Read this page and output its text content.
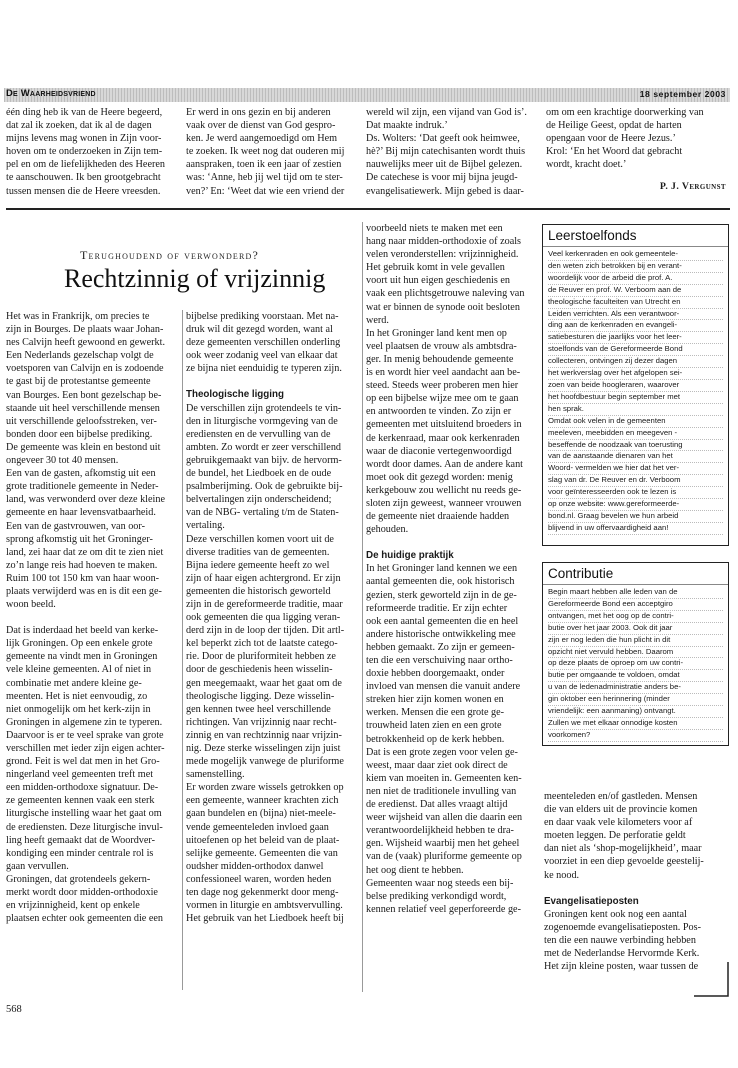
De Waarheidsvriend	18 september 2003

één ding heb ik van de Heere begeerd,

dat zal ik zoeken, dat ik al de dagen

mijns levens mag wonen in Zijn voor-

hoven om te onderzoeken in Zijn tem-

pel en om de liefelijkheden des Heeren

te aanschouwen. Ik ben grootgebracht

tussen mensen die de Heere vreesden.

Er werd in ons gezin en bij anderen

vaak over de dienst van God gespro-

ken. Je werd aangemoedigd om Hem

te zoeken. Ik weet nog dat ouderen mij

aanspraken, toen ik een jaar of zestien

was: ‘Anne, heb jij wel tijd om te ster-

ven?’ En: ‘Weet dat wie een vriend der

wereld wil zijn, een vijand van God is’.

Dat maakte indruk.’

Ds. Wolters: ‘Dat geeft ook heimwee,

hè?’ Bij mijn catechisanten wordt thuis

nauwelijks meer uit de Bijbel gelezen.

De catechese is voor mij bijna jeugd-

evangelisatiewerk. Mijn gebed is daar-

om om een krachtige doorwerking van

de Heilige Geest, opdat de harten

opengaan voor de Heere Jezus.’

Krol: ‘En het Woord dat gebracht

wordt, kracht doet.’

P. J. Vergunst
Terughoudend of verwonderd?
Rechtzinnig of vrijzinnig

Het was in Frankrijk, om precies te

zijn in Bourges. De plaats waar Johan-

nes Calvijn heeft gewoond en gewerkt.

Een Nederlands gezelschap volgt de

voetsporen van Calvijn en is zodoende

te gast bij de protestantse gemeente

van Bourges. Een bont gezelschap be-

staande uit heel verschillende mensen

uit verschillende geloofsstreken, ver-

bonden door een bijbelse prediking.

De gemeente was klein en bestond uit

ongeveer 30 tot 40 mensen.

Een van de gasten, afkomstig uit een

grote traditionele gemeente in Neder-

land, was verwonderd over deze kleine

gemeente en haar levensvatbaarheid.

Een van de gastvrouwen, van oor-

sprong afkomstig uit het Groninger-

land, zei haar dat ze om dit te zien niet

zo’n lange reis had hoeven te maken.

Ruim 100 tot 150 km van haar woon-

plaats verwijderd was en is dit een ge-

woon beeld.

Dat is inderdaad het beeld van kerke-

lijk Groningen. Op een enkele grote

gemeente na vindt men in Groningen

vele kleine gemeenten. Al of niet in

combinatie met andere kleine ge-

meenten. Het is niet eenvoudig, zo

niet onmogelijk om het kerk-zijn in

Groningen in algemene zin te typeren.

Daarvoor is er te veel sprake van grote

verschillen met ieder zijn eigen achter-

grond. Feit is wel dat men in het Gro-

ningerland veel gemeenten treft met

een midden-orthodoxe signatuur. De-

ze gemeenten kennen vaak een sterk

liturgische instelling waar het gaat om

de erediensten. Deze liturgische invul-

ling heeft gemaakt dat de Woordver-

kondiging een minder centrale rol is

gaan vervullen.

Groningen, dat grotendeels gekern-

merkt wordt door midden-orthodoxie

en vrijzinnigheid, kent op enkele

plaatsen echter ook gemeenten die een

bijbelse prediking voorstaan. Met na-

druk wil dit gezegd worden, want al

deze gemeenten verschillen onderling

ook weer zodanig veel van elkaar dat

ze bijna niet eenduidig te typeren zijn.

Theologische ligging

De verschillen zijn grotendeels te vin-

den in liturgische vormgeving van de

erediensten en de vervulling van de

ambten. Zo wordt er zeer verschillend

gebruikgemaakt van bijv. de hervorm-

de bundel, het Liedboek en de oude

psalmberijming. Ook de gebruikte bij-

belvertalingen zijn onderscheidend;

van de NBG- vertaling t/m de Staten-

vertaling.

Deze verschillen komen voort uit de

diverse tradities van de gemeenten.

Bijna iedere gemeente heeft zo wel

zijn of haar eigen achtergrond. Er zijn

gemeenten die historisch geworteld

zijn in de gereformeerde traditie, maar

ook gemeenten die qua ligging veran-

derd zijn in de loop der tijden. Dit artl-

kel beperkt zich tot de laatste catego-

rie. Door de pluriformiteit hebben ze

door de geschiedenis heen wisselin-

gen meegemaakt, waar het gaat om de

theologische ligging. Deze wisselin-

gen kennen twee heel verschillende

richtingen. Van vrijzinnig naar recht-

zinnig en van rechtzinnig naar vrijzin-

nig. Deze sterke wisselingen zijn juist

mede mogelijk vanwege de pluriforme

samenstelling.

Er worden zware wissels getrokken op

een gemeente, wanneer krachten zich

gaan bundelen en (bijna) niet-meele-

vende gemeenteleden invloed gaan

uitoefenen op het beleid van de plaat-

selijke gemeente. Gemeenten die van

oudsher midden-orthodox danwel

confessioneel waren, worden heden

ten dage nog gekenmerkt door meng-

vormen in liturgie en ambtsvervulling.

Het gebruik van het Liedboek heeft bij

voorbeeld niets te maken met een

hang naar midden-orthodoxie of zoals

velen veronderstellen: vrijzinnigheid.

Het gebruik komt in vele gevallen

voort uit hun eigen geschiedenis en

vaak een plichtsgetrouwe naleving van

wat er binnen de synode ooit besloten

werd.

In het Groninger land kent men op

veel plaatsen de vrouw als ambtsdra-

ger. In menig behoudende gemeente

is en wordt hier veel aandacht aan be-

steed. Steeds weer proberen men hier

op een bijbelse wijze mee om te gaan

en antwoorden te vinden. Zo zijn er

gemeenten met uitsluitend broeders in

de kerkenraad, maar ook kerkenraden

waar de diaconie vertegenwoordigd

wordt door dames. Aan de andere kant

moet ook dit gezegd worden: menig

kerkgebouw zou wellicht nu reeds ge-

sloten zijn geweest, wanneer vrouwen

de gemeente niet draaiende hadden

gehouden.

De huidige praktijk

In het Groninger land kennen we een

aantal gemeenten die, ook historisch

gezien, sterk geworteld zijn in de ge-

reformeerde traditie. Er zijn echter

ook een aantal gemeenten die en heel

andere historische ontwikkeling mee

hebben gemaakt. Zo zijn er gemeen-

ten die een verschuiving naar ortho-

doxie hebben doorgemaakt, onder

invloed van mensen die vanuit andere

streken hier zijn komen wonen en

werken. Mensen die een grote ge-

trouwheid laten zien en een grote

betrokkenheid op de kerk hebben.

Dat is een grote zegen voor velen ge-

weest, maar daar ziet ook direct de

kiem van moeiten in. Gemeenten ken-

nen niet de traditionele invulling van

de eredienst. Dat alles vraagt altijd

weer wijsheid van allen die daarin een

verantwoordelijkheid hebben te dra-

gen. Wijsheid waarbij men het geheel

van de (vaak) pluriforme gemeente op

het oog dient te hebben.

Gemeenten waar nog steeds een bij-

belse prediking verkondigd wordt,

kennen relatief veel geperforeerde ge-

meenteleden en/of gastleden. Mensen

die van elders uit de provincie komen

en daar vaak vele kilometers voor af

moeten leggen. De perforatie geldt

dan niet als ‘shop-mogelijkheid’, maar

voorziet in een diep gevoelde geestelij-

ke nood.

Evangelisatieposten

Groningen kent ook nog een aantal

zogenoemde evangelisatieposten. Pos-

ten die een nauwe verbinding hebben

met de Nederlandse Hervormde Kerk.

Het zijn kleine posten, waar tussen de

Leerstoelfonds

Veel kerkenraden en ook gemeentele-

den weten zich betrokken bij en verant-

woordelijk voor de arbeid die prof. A.

de Reuver en prof. W. Verboom aan de

theologische faculteiten van Utrecht en

Leiden verrichten. Als een verantwoor-

ding aan de kerkenraden en evangeli-

satiebesturen die jaarlijks voor het leer-

stoelfonds van de Gereformeerde Bond

collecteren, ontvingen zij dezer dagen

het werkverslag over het afgelopen sei-

zoen van beide hoogleraren, waarover

het hoofdbestuur begin september met

hen sprak.

Omdat ook velen in de gemeenten

meeleven, meebidden en meegeven -

beseffende de noodzaak van toerusting

van de aanstaande dienaren van het

Woord- vermelden we hier dat het ver-

slag van dr. De Reuver en dr. Verboom

voor geïnteresseerden ook te lezen is

op onze website: www.gereformeerde-

bond.nl. Graag bevelen we hun arbeid

blijvend in uw offervaardigheid aan!

Contributie

Begin maart hebben alle leden van de

Gereformeerde Bond een acceptgiro

ontvangen, met het oog op de contri-

butie over het jaar 2003. Ook dit jaar

zijn er nog leden die hun plicht in dit

opzicht niet vervuld hebben. Daarom

op deze plaats de oproep om uw contri-

butie per omgaande te voldoen, omdat

u van de ledenadministratie anders be-

gin oktober een herinnering (minder

vriendelijk: een aanmaning) ontvangt.

Zullen we met elkaar onnodige kosten

voorkomen?

568
